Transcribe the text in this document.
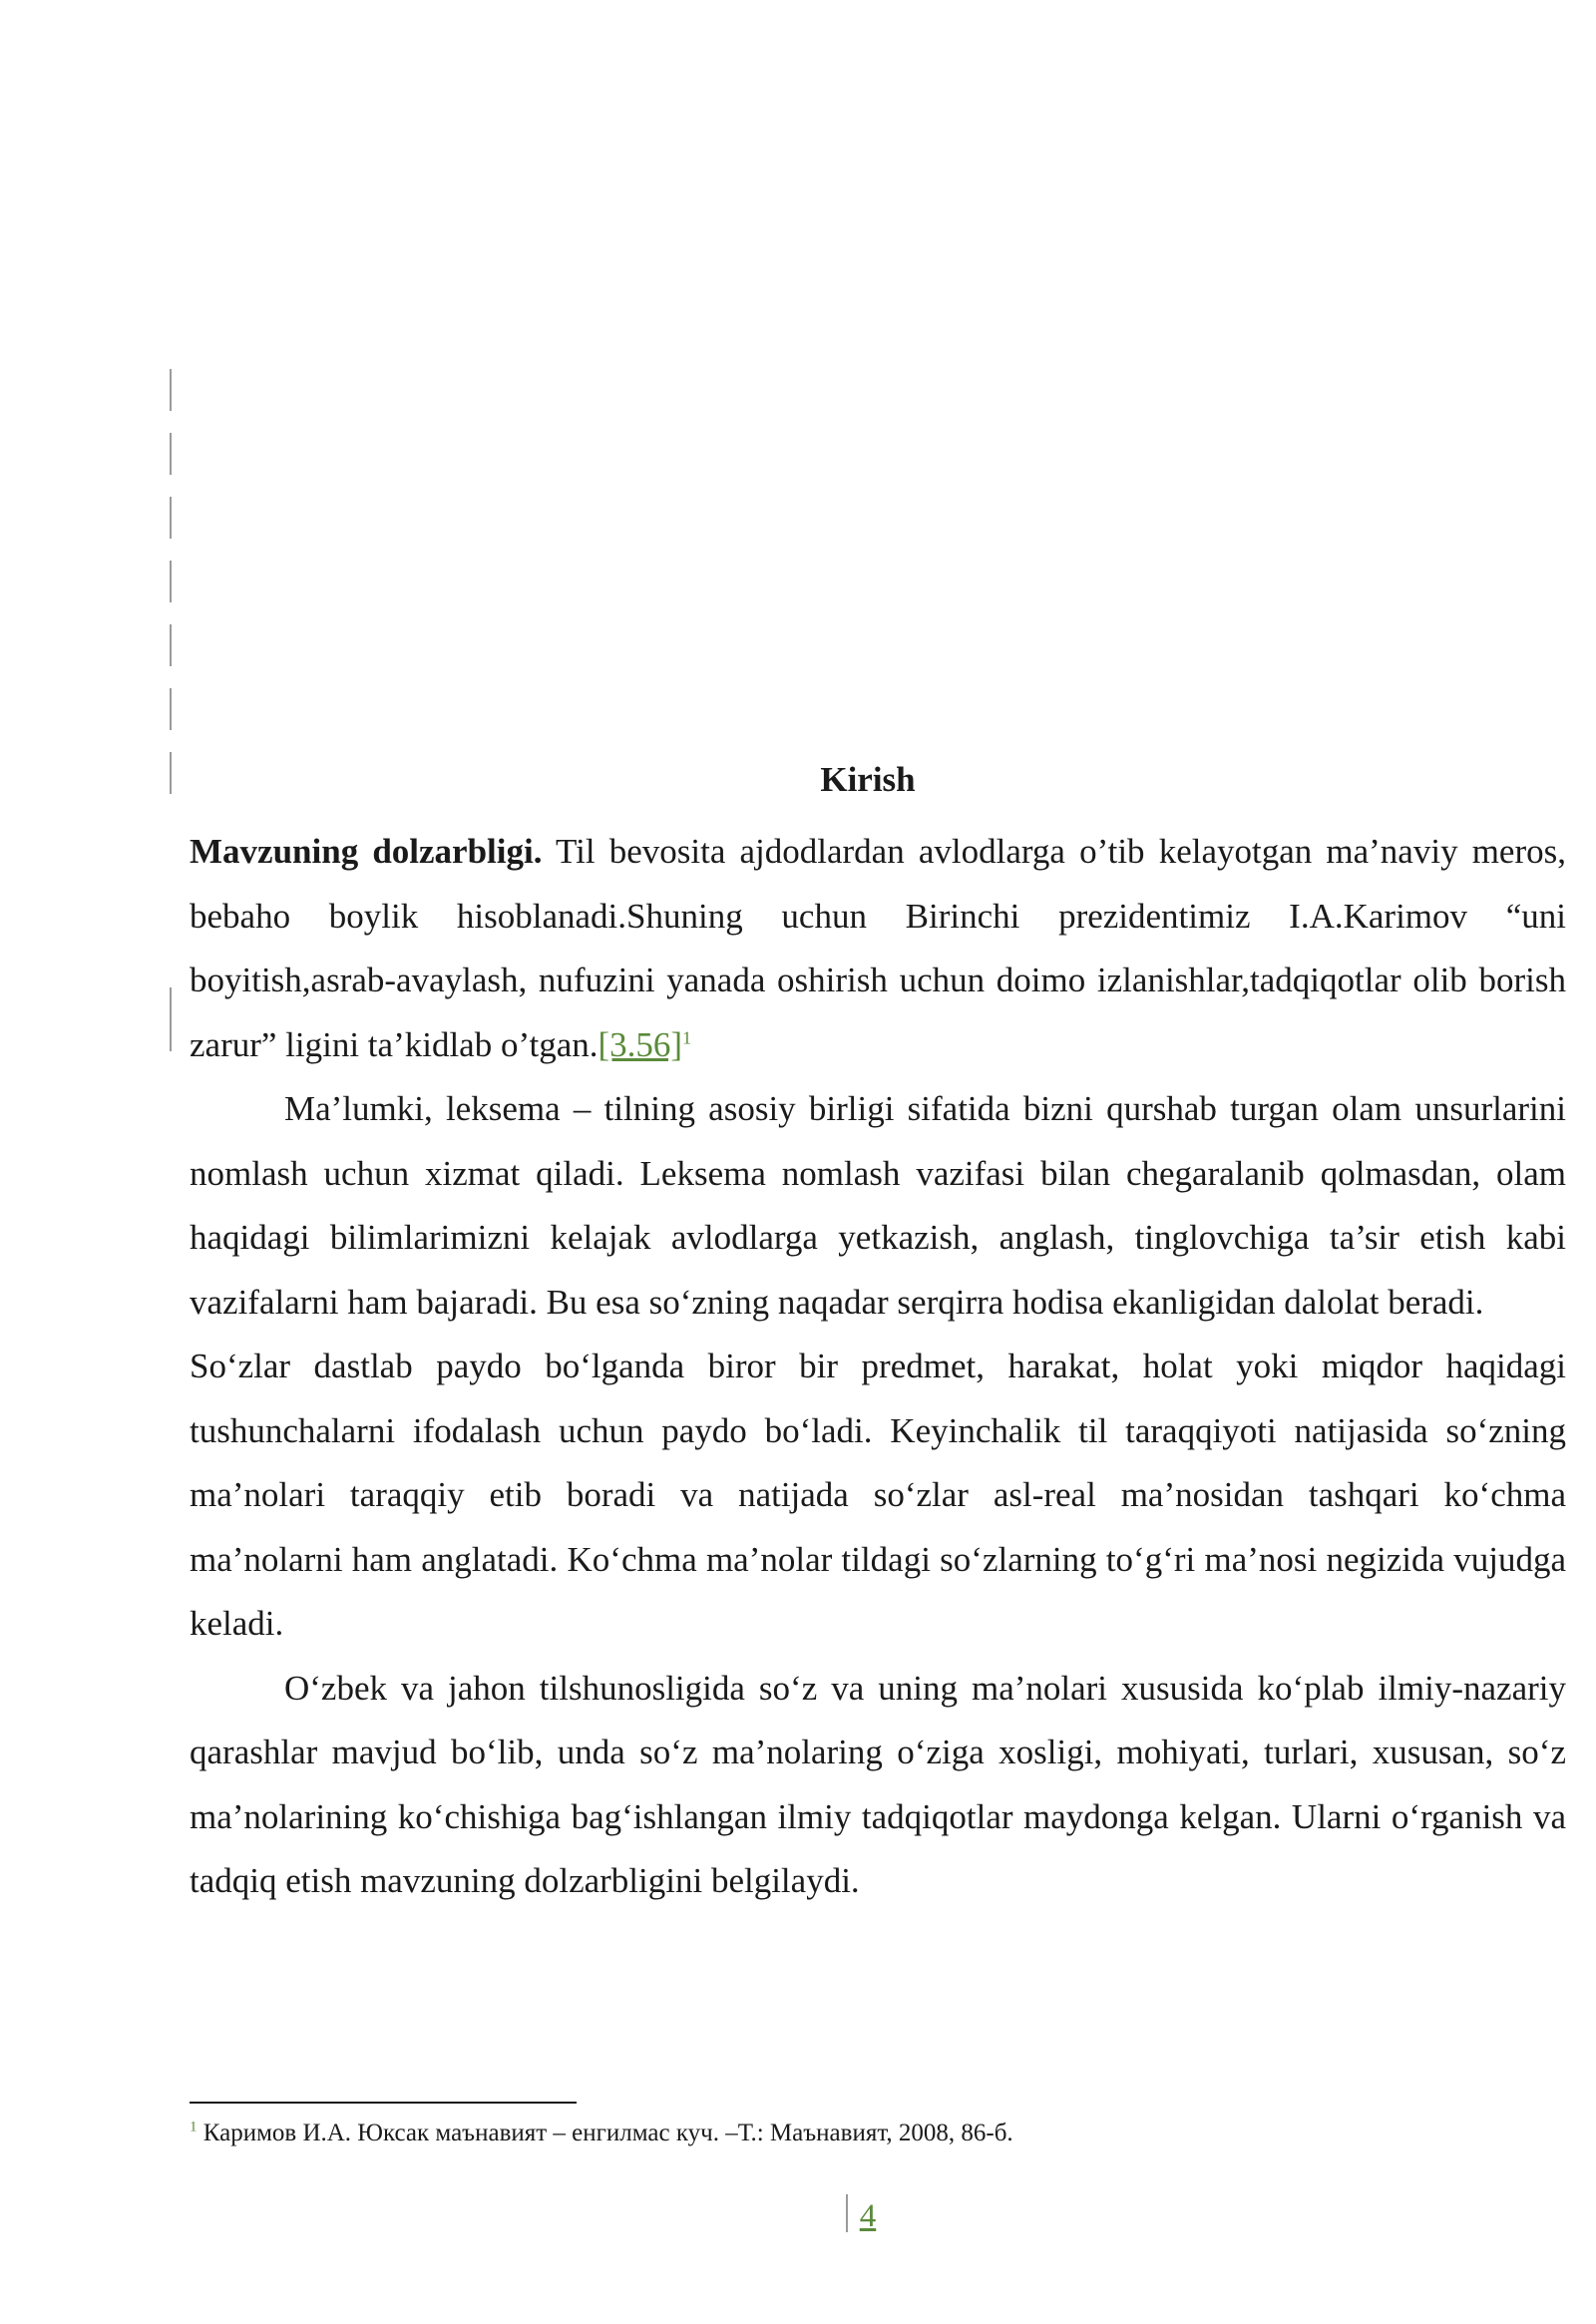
Kirish

Mavzuning dolzarbligi. Til bevosita ajdodlardan avlodlarga o’tib kelayotgan ma’naviy meros, bebaho boylik hisoblanadi.Shuning uchun Birinchi prezidentimiz I.A.Karimov “uni boyitish,asrab-avaylash, nufuzini yanada oshirish uchun doimo izlanishlar,tadqiqotlar olib borish zarur” ligini ta’kidlab o’tgan.[3.56]$^1$

Ma’lumki, leksema – tilning asosiy birligi sifatida bizni qurshab turgan olam unsurlarini nomlash uchun xizmat qiladi. Leksema nomlash vazifasi bilan chegaralanib qolmasdan, olam haqidagi bilimlarimizni kelajak avlodlarga yetkazish, anglash, tinglovchiga ta’sir etish kabi vazifalarni ham bajaradi. Bu esa so‘zning naqadar serqirra hodisa ekanligidan dalolat beradi.

So‘zlar dastlab paydo bo‘lganda biror bir predmet, harakat, holat yoki miqdor haqidagi tushunchalarni ifodalash uchun paydo bo‘ladi. Keyinchalik til taraqqiyoti natijasida so‘zning ma’nolari taraqqiy etib boradi va natijada so‘zlar asl-real ma’nosidan tashqari ko‘chma ma’nolarni ham anglatadi. Ko‘chma ma’nolar tildagi so‘zlarning to‘g‘ri ma’nosi negizida vujudga keladi.

O‘zbek va jahon tilshunosligida so‘z va uning ma’nolari xususida ko‘plab ilmiy-nazariy qarashlar mavjud bo‘lib, unda so‘z ma’nolaring o‘ziga xosligi, mohiyati, turlari, xususan, so‘z ma’nolarining ko‘chishiga bag‘ishlangan ilmiy tadqiqotlar maydonga kelgan. Ularni o‘rganish va tadqiq etish mavzuning dolzarbligini belgilaydi.

$^1$ Каримов И.А. Юксак маънавият – енгилмас куч. –Т.: Маънавият, 2008, 86-б.
4
